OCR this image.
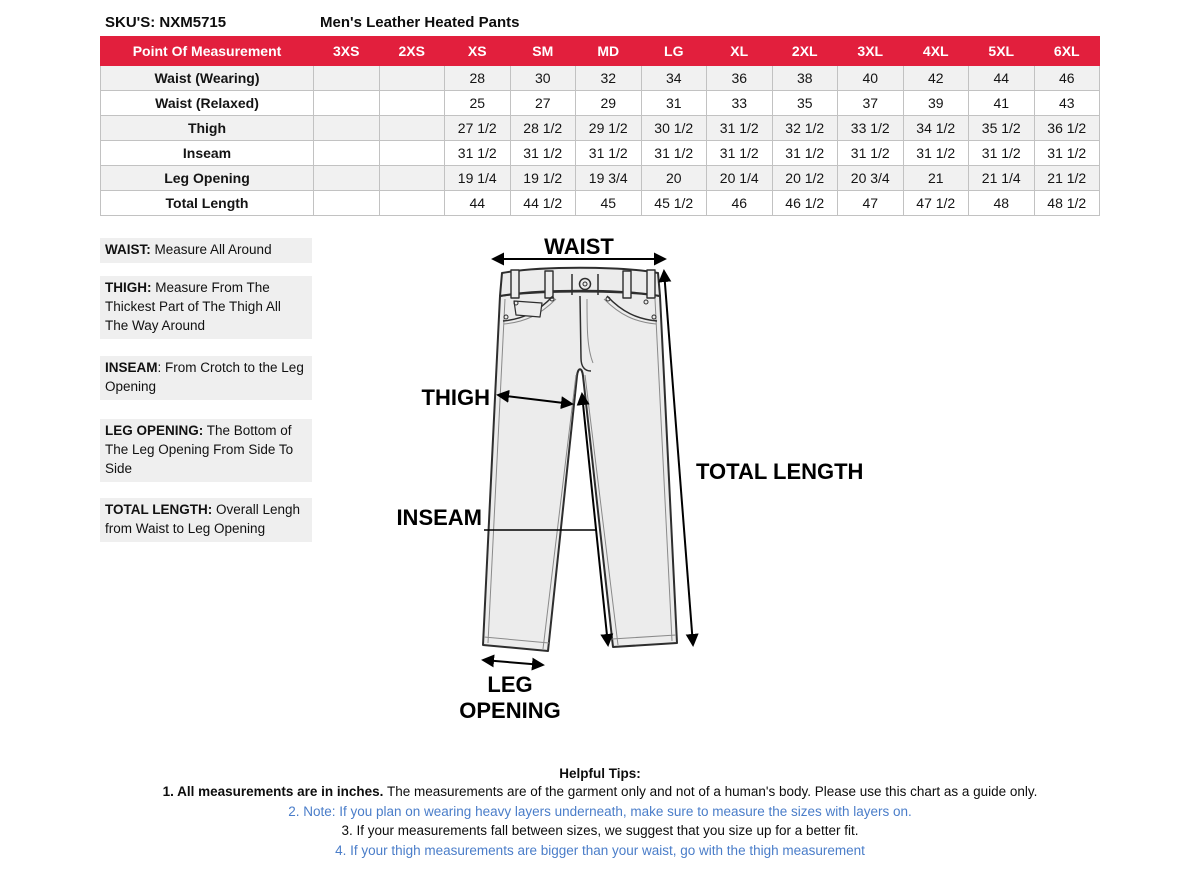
SKU'S: NXM5715	Men's Leather Heated Pants
Point Of Measurement	3XS	2XS	XS	SM	MD	LG	XL	2XL	3XL	4XL	5XL	6XL
Waist (Wearing)			28	30	32	34	36	38	40	42	44	46
Waist (Relaxed)			25	27	29	31	33	35	37	39	41	43
Thigh			27 1/2	28 1/2	29 1/2	30 1/2	31 1/2	32 1/2	33 1/2	34 1/2	35 1/2	36 1/2
Inseam			31 1/2	31 1/2	31 1/2	31 1/2	31 1/2	31 1/2	31 1/2	31 1/2	31 1/2	31 1/2
Leg Opening			19 1/4	19 1/2	19 3/4	20	20 1/4	20 1/2	20 3/4	21	21 1/4	21 1/2
Total Length			44	44 1/2	45	45 1/2	46	46 1/2	47	47 1/2	48	48 1/2
WAIST: Measure All Around
THIGH: Measure From The Thickest Part of The Thigh All The Way Around
INSEAM: From Crotch to the Leg Opening
LEG OPENING: The Bottom of The Leg Opening From Side To Side
TOTAL LENGTH: Overall Lengh from Waist to Leg Opening
WAIST
THIGH
INSEAM
TOTAL LENGTH
LEG
OPENING
Helpful Tips:
1. All measurements are in inches. The measurements are of the garment only and not of a human's body. Please use this chart as a guide only.
2. Note: If you plan on wearing heavy layers underneath, make sure to measure the sizes with layers on.
3. If your measurements fall between sizes, we suggest that you size up for a better fit.
4. If your thigh measurements are bigger than your waist, go with the thigh measurement
